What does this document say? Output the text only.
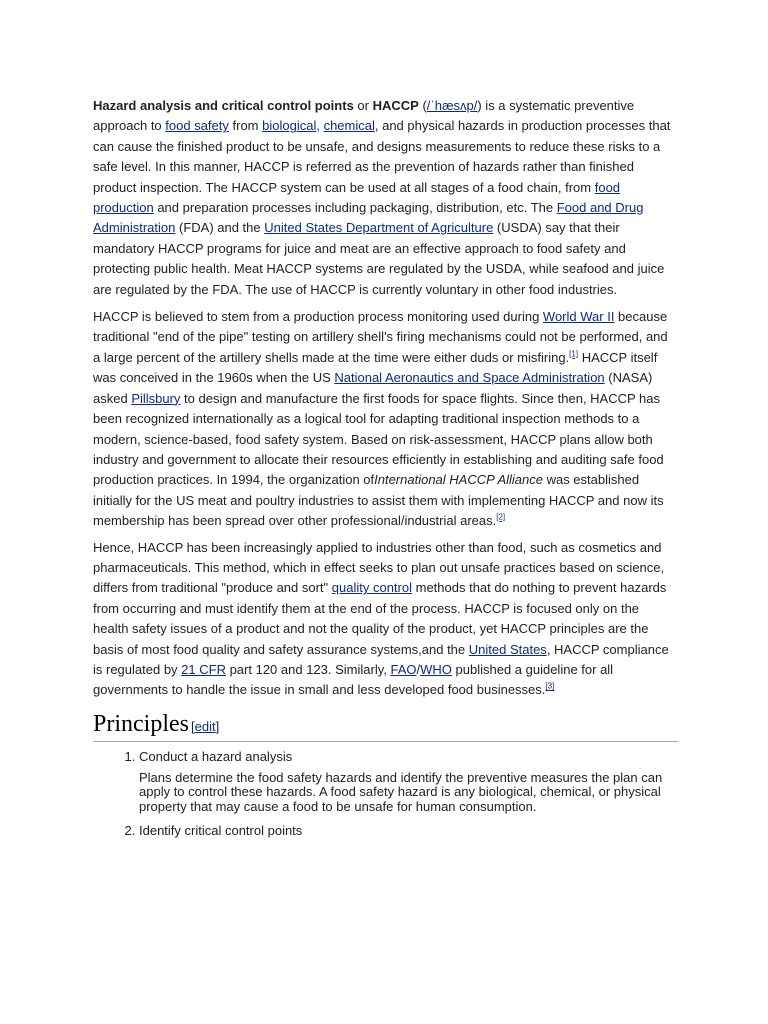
Hazard analysis and critical control points or HACCP (/ˈhæsʌp/) is a systematic preventive approach to food safety from biological, chemical, and physical hazards in production processes that can cause the finished product to be unsafe, and designs measurements to reduce these risks to a safe level. In this manner, HACCP is referred as the prevention of hazards rather than finished product inspection. The HACCP system can be used at all stages of a food chain, from food production and preparation processes including packaging, distribution, etc. The Food and Drug Administration (FDA) and the United States Department of Agriculture (USDA) say that their mandatory HACCP programs for juice and meat are an effective approach to food safety and protecting public health. Meat HACCP systems are regulated by the USDA, while seafood and juice are regulated by the FDA. The use of HACCP is currently voluntary in other food industries.

HACCP is believed to stem from a production process monitoring used during World War II because traditional "end of the pipe" testing on artillery shell's firing mechanisms could not be performed, and a large percent of the artillery shells made at the time were either duds or misfiring.[1] HACCP itself was conceived in the 1960s when the US National Aeronautics and Space Administration (NASA) asked Pillsbury to design and manufacture the first foods for space flights. Since then, HACCP has been recognized internationally as a logical tool for adapting traditional inspection methods to a modern, science-based, food safety system. Based on risk-assessment, HACCP plans allow both industry and government to allocate their resources efficiently in establishing and auditing safe food production practices. In 1994, the organization ofInternational HACCP Alliance was established initially for the US meat and poultry industries to assist them with implementing HACCP and now its membership has been spread over other professional/industrial areas.[2]

Hence, HACCP has been increasingly applied to industries other than food, such as cosmetics and pharmaceuticals. This method, which in effect seeks to plan out unsafe practices based on science, differs from traditional "produce and sort" quality control methods that do nothing to prevent hazards from occurring and must identify them at the end of the process. HACCP is focused only on the health safety issues of a product and not the quality of the product, yet HACCP principles are the basis of most food quality and safety assurance systems,and the United States, HACCP compliance is regulated by 21 CFR part 120 and 123. Similarly, FAO/WHO published a guideline for all governments to handle the issue in small and less developed food businesses.[3]

Principles [edit]
1. Conduct a hazard analysis
Plans determine the food safety hazards and identify the preventive measures the plan can apply to control these hazards. A food safety hazard is any biological, chemical, or physical property that may cause a food to be unsafe for human consumption.
2. Identify critical control points
